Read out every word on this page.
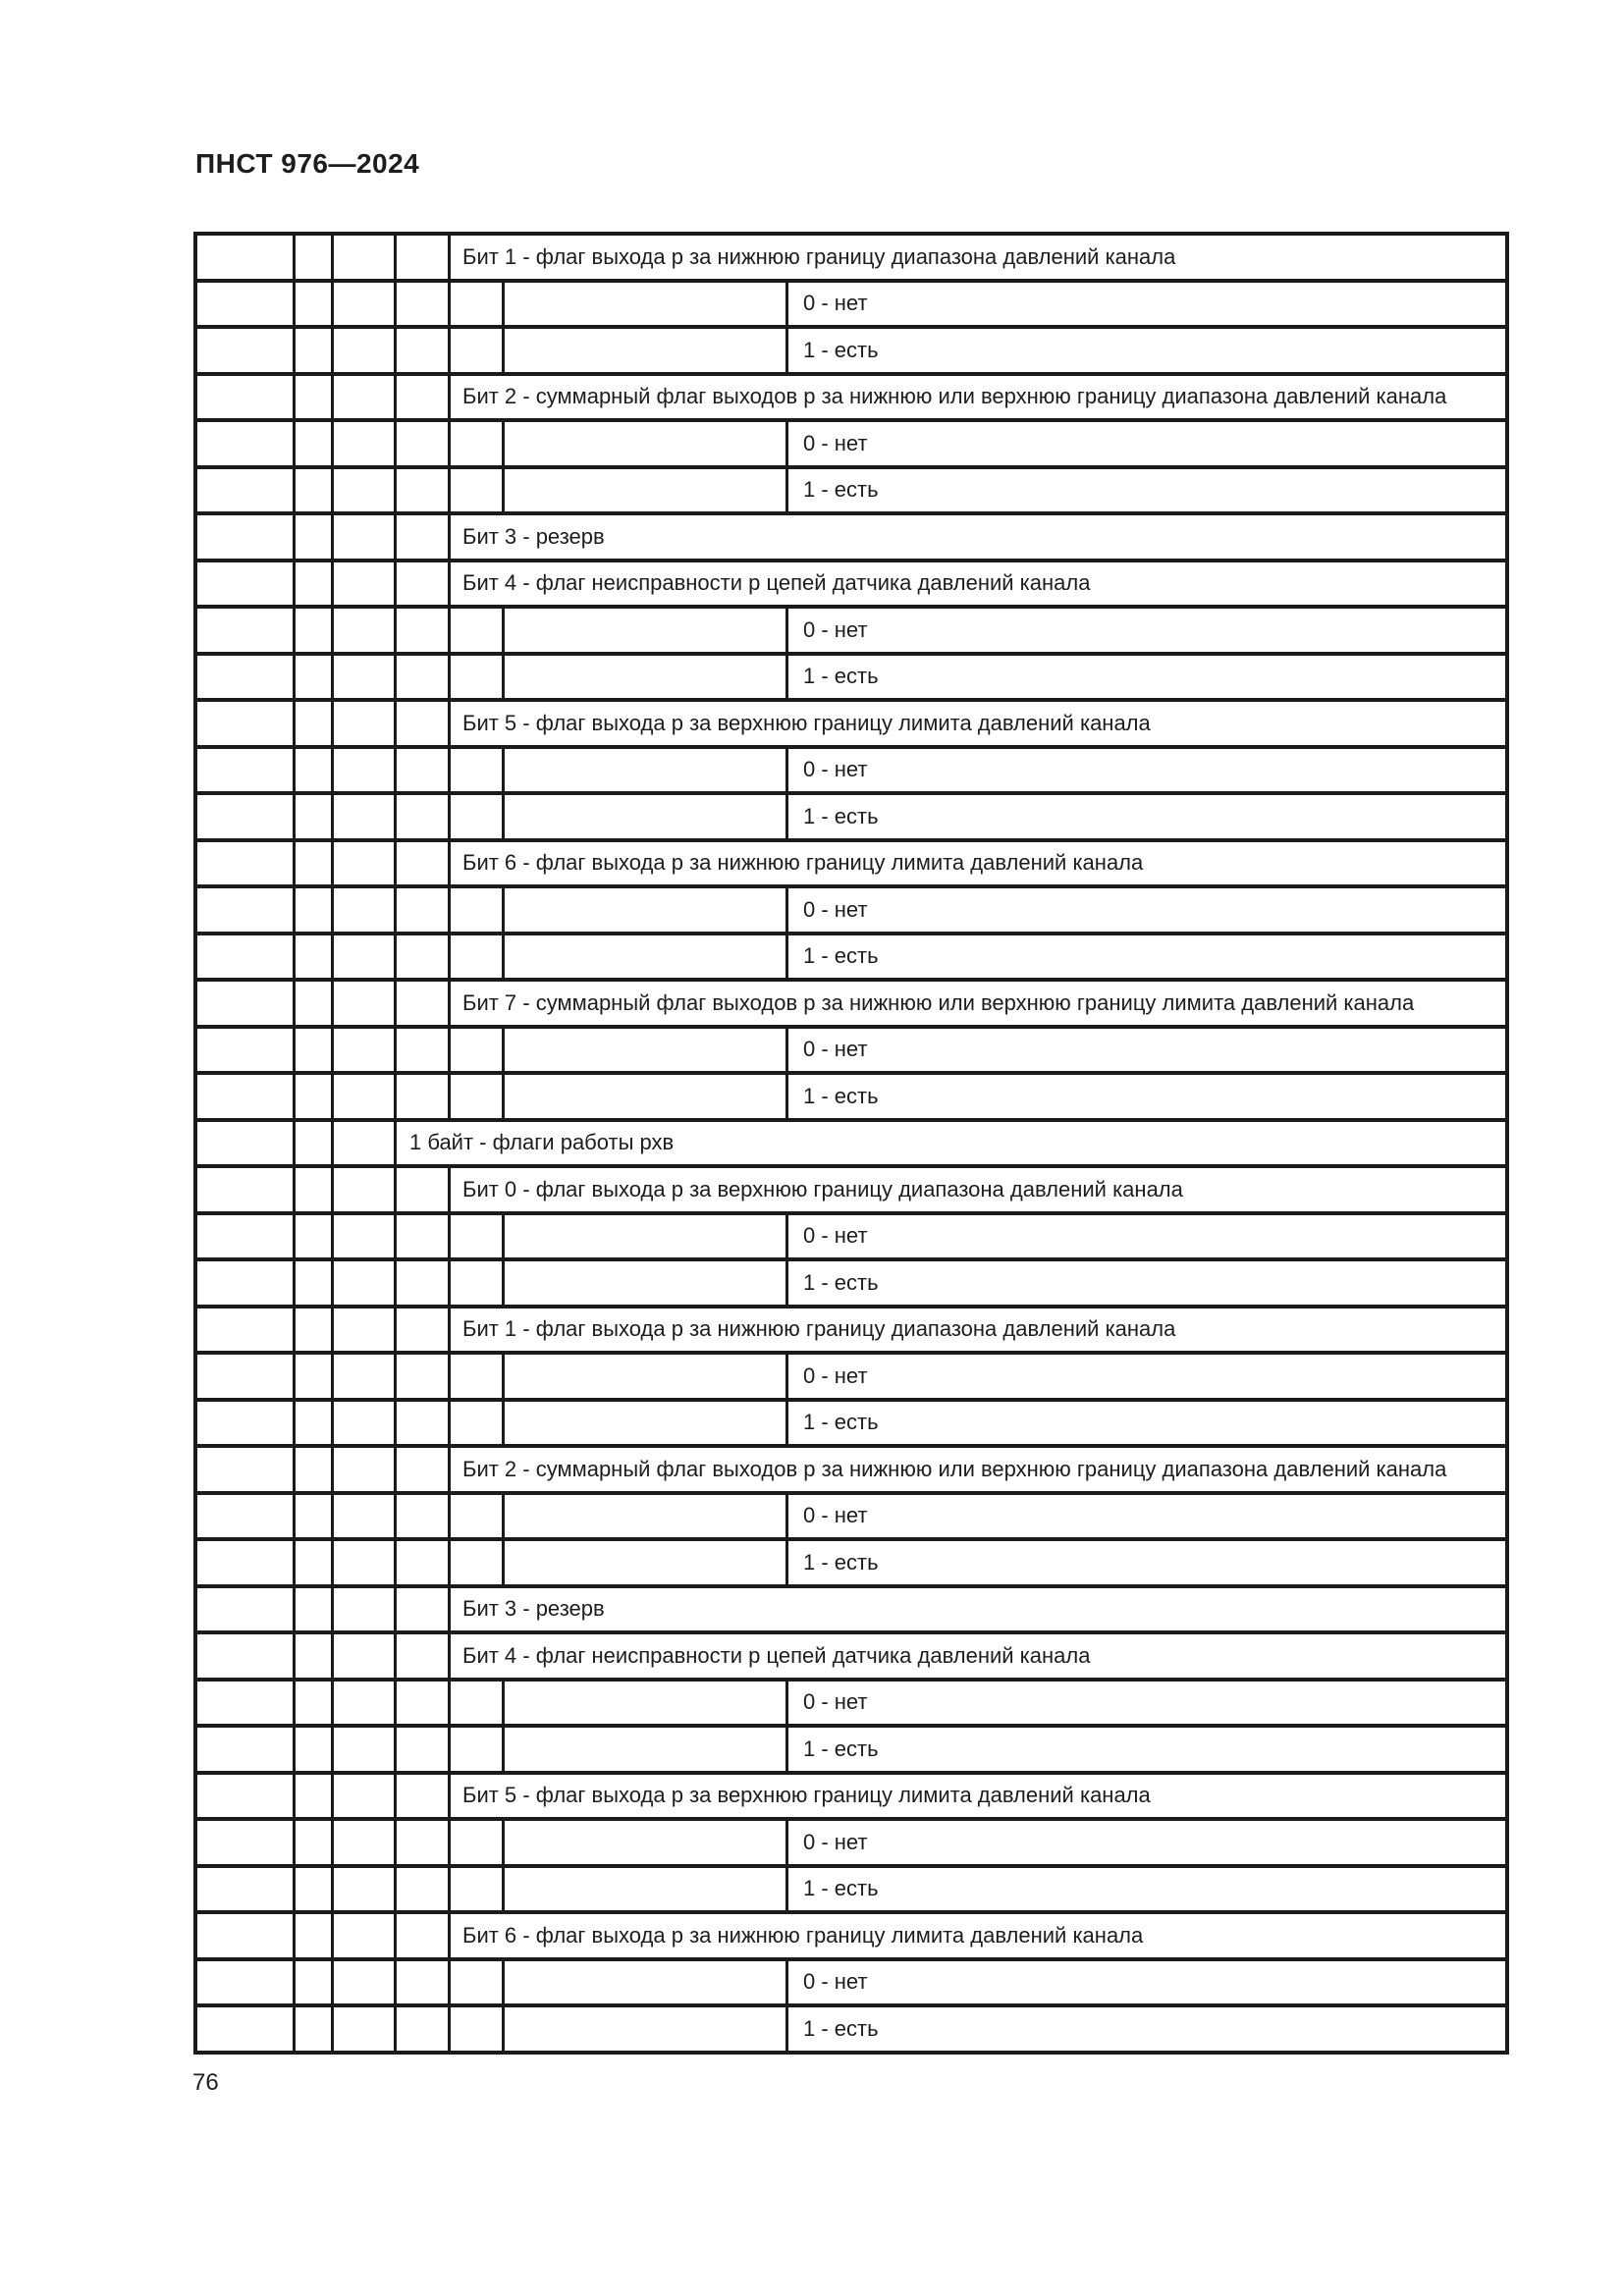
ПНСТ 976—2024
Бит 1 - флаг выхода р за нижнюю границу диапазона давлений канала
0 - нет
1 - есть
Бит 2 - суммарный флаг выходов р за нижнюю или верхнюю границу диапазона давлений канала
0 - нет
1 - есть
Бит 3 - резерв
Бит 4 - флаг неисправности р цепей датчика давлений канала
0 - нет
1 - есть
Бит 5 - флаг выхода р за верхнюю границу лимита давлений канала
0 - нет
1 - есть
Бит 6 - флаг выхода р за нижнюю границу лимита давлений канала
0 - нет
1 - есть
Бит 7 - суммарный флаг выходов р за нижнюю или верхнюю границу лимита давлений канала
0 - нет
1 - есть
1 байт - флаги работы рхв
Бит 0 - флаг выхода р за верхнюю границу диапазона давлений канала
0 - нет
1 - есть
Бит 1 - флаг выхода р за нижнюю границу диапазона давлений канала
0 - нет
1 - есть
Бит 2 - суммарный флаг выходов р за нижнюю или верхнюю границу диапазона давлений канала
0 - нет
1 - есть
Бит 3 - резерв
Бит 4 - флаг неисправности р цепей датчика давлений канала
0 - нет
1 - есть
Бит 5 - флаг выхода р за верхнюю границу лимита давлений канала
0 - нет
1 - есть
Бит 6 - флаг выхода р за нижнюю границу лимита давлений канала
0 - нет
1 - есть
76
